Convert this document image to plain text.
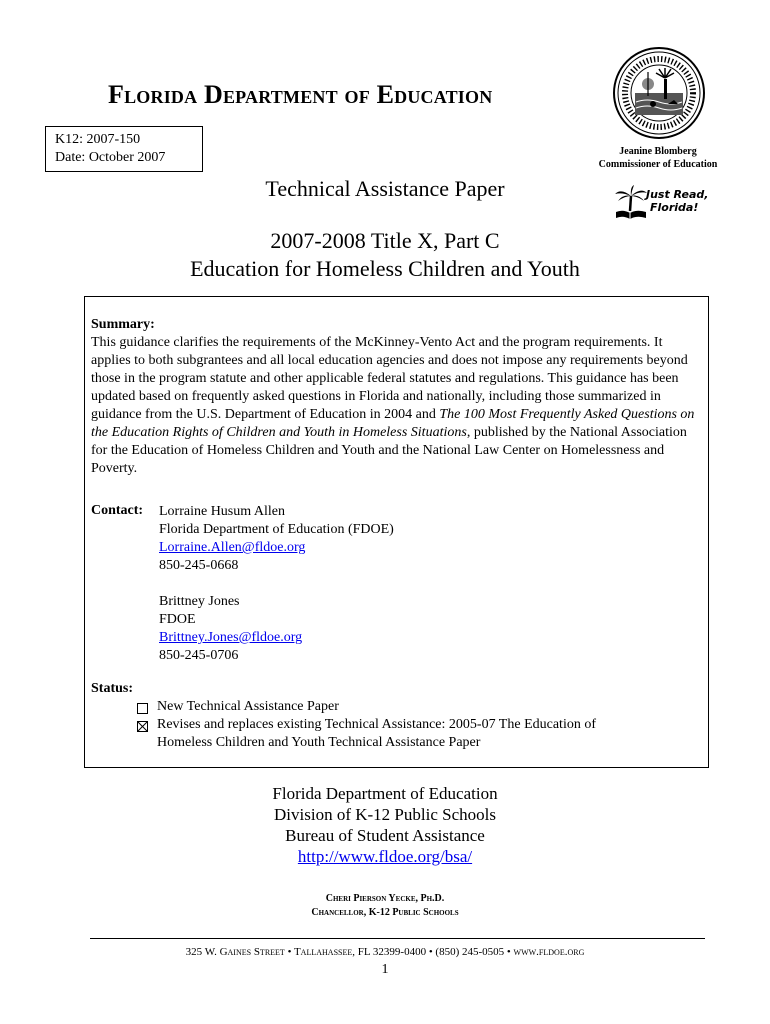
Florida Department of Education
K12: 2007-150
Date: October 2007	Jeanine Blomberg
Commissioner of Education
Technical Assistance Paper	Just Read,
Florida!
2007-2008 Title X, Part C
Education for Homeless Children and Youth
Summary:
This guidance clarifies the requirements of the McKinney-Vento Act and the program requirements. It applies to both subgrantees and all local education agencies and does not impose any requirements beyond those in the program statute and other applicable federal statutes and regulations. This guidance has been updated based on frequently asked questions in Florida and nationally, including those summarized in guidance from the U.S. Department of Education in 2004 and The 100 Most Frequently Asked Questions on the Education Rights of Children and Youth in Homeless Situations, published by the National Association for the Education of Homeless Children and Youth and the National Law Center on Homelessness and Poverty.
Contact: Lorraine Husum Allen
Florida Department of Education (FDOE)
Lorraine.Allen@fldoe.org
850-245-0668
Brittney Jones
FDOE
Brittney.Jones@fldoe.org
850-245-0706
Status:
New Technical Assistance Paper
Revises and replaces existing Technical Assistance: 2005-07 The Education of
Homeless Children and Youth Technical Assistance Paper
Florida Department of Education
Division of K-12 Public Schools
Bureau of Student Assistance
http://www.fldoe.org/bsa/
Cheri Pierson Yecke, Ph.D.
Chancellor, K-12 Public Schools
325 W. Gaines Street • Tallahassee, FL 32399-0400 • (850) 245-0505 • www.fldoe.org
1
